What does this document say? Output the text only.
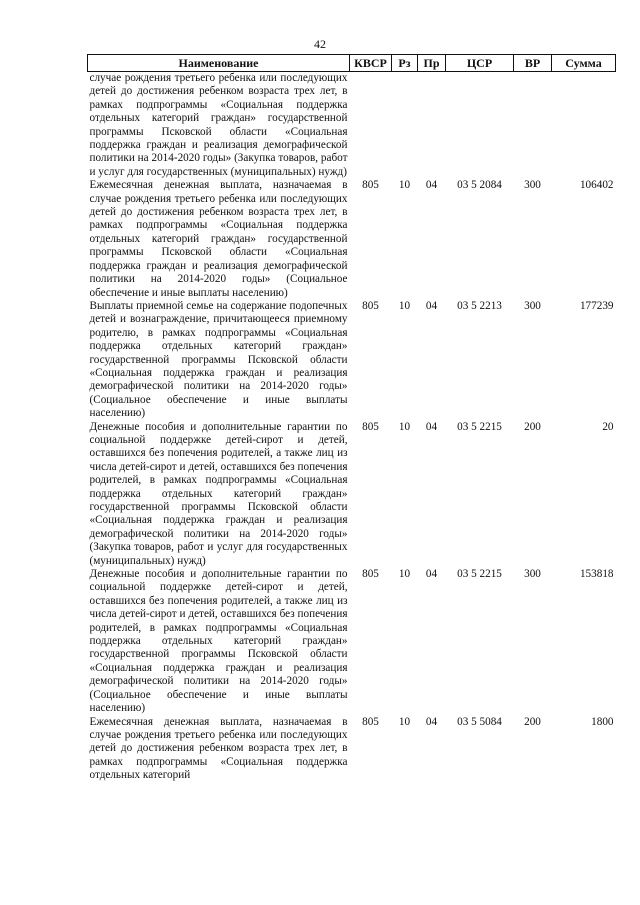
42
Наименование	КВСР	Рз	Пр	ЦСР	ВР	Сумма
случае рождения третьего ребенка или последующих детей до достижения ребенком возраста трех лет, в рамках подпрограммы «Социальная поддержка отдельных категорий граждан» государственной программы Псковской области «Социальная поддержка граждан и реализация демографической политики на 2014-2020 годы» (Закупка товаров, работ и услуг для государственных (муниципальных) нужд)						
Ежемесячная денежная выплата, назначаемая в случае рождения третьего ребенка или последующих детей до достижения ребенком возраста трех лет, в рамках подпрограммы «Социальная поддержка отдельных категорий граждан» государственной программы Псковской области «Социальная поддержка граждан и реализация демографической политики на 2014-2020 годы» (Социальное обеспечение и иные выплаты населению)	805	10	04	03 5 2084	300	106402
Выплаты приемной семье на содержание подопечных детей и вознаграждение, причитающееся приемному родителю, в рамках подпрограммы «Социальная поддержка отдельных категорий граждан» государственной программы Псковской области «Социальная поддержка граждан и реализация демографической политики на 2014-2020 годы» (Социальное обеспечение и иные выплаты населению)	805	10	04	03 5 2213	300	177239
Денежные пособия и дополнительные гарантии по социальной поддержке детей-сирот и детей, оставшихся без попечения родителей, а также лиц из числа детей-сирот и детей, оставшихся без попечения родителей, в рамках подпрограммы «Социальная поддержка отдельных категорий граждан» государственной программы Псковской области «Социальная поддержка граждан и реализация демографической политики на 2014-2020 годы» (Закупка товаров, работ и услуг для государственных (муниципальных) нужд)	805	10	04	03 5 2215	200	20
Денежные пособия и дополнительные гарантии по социальной поддержке детей-сирот и детей, оставшихся без попечения родителей, а также лиц из числа детей-сирот и детей, оставшихся без попечения родителей, в рамках подпрограммы «Социальная поддержка отдельных категорий граждан» государственной программы Псковской области «Социальная поддержка граждан и реализация демографической политики на 2014-2020 годы» (Социальное обеспечение и иные выплаты населению)	805	10	04	03 5 2215	300	153818
Ежемесячная денежная выплата, назначаемая в случае рождения третьего ребенка или последующих детей до достижения ребенком возраста трех лет, в рамках подпрограммы «Социальная поддержка отдельных категорий	805	10	04	03 5 5084	200	1800
